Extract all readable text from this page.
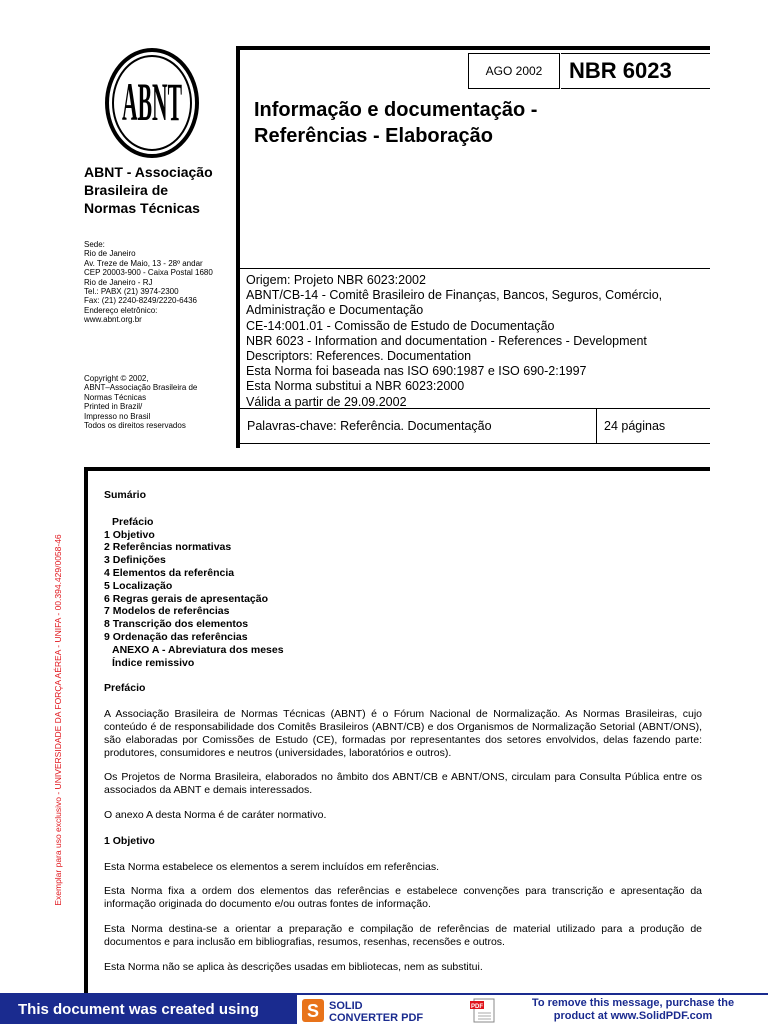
ABNT
ABNT - Associação
Brasileira de
Normas Técnicas
Sede:
Rio de Janeiro
Av. Treze de Maio, 13 - 28º andar
CEP 20003-900 - Caixa Postal 1680
Rio de Janeiro - RJ
Tel.: PABX (21) 3974-2300
Fax: (21) 2240-8249/2220-6436
Endereço eletrônico:
www.abnt.org.br
Copyright © 2002,
ABNT–Associação Brasileira de
Normas Técnicas
Printed in Brazil/
Impresso no Brasil
Todos os direitos reservados
AGO 2002 NBR 6023
Informação e documentação -
Referências - Elaboração
Origem: Projeto NBR 6023:2002
ABNT/CB-14 - Comitê Brasileiro de Finanças, Bancos, Seguros, Comércio,
Administração e Documentação
CE-14:001.01 - Comissão de Estudo de Documentação
NBR 6023 - Information and documentation - References - Development
Descriptors: References. Documentation
Esta Norma foi baseada nas ISO 690:1987 e ISO 690-2:1997
Esta Norma substitui a NBR 6023:2000
Válida a partir de 29.09.2002
Palavras-chave: Referência. Documentação	24 páginas
Exemplar para uso exclusivo - UNIVERSIDADE DA FORÇA AÉREA - UNIFA - 00.394.429/0058-46
Sumário
Prefácio
1 Objetivo
2 Referências normativas
3 Definições
4 Elementos da referência
5 Localização
6 Regras gerais de apresentação
7 Modelos de referências
8 Transcrição dos elementos
9 Ordenação das referências
ANEXO A - Abreviatura dos meses
Índice remissivo
Prefácio

A Associação Brasileira de Normas Técnicas (ABNT) é o Fórum Nacional de Normalização. As Normas Brasileiras, cujo conteúdo é de responsabilidade dos Comitês Brasileiros (ABNT/CB) e dos Organismos de Normalização Setorial (ABNT/ONS), são elaboradas por Comissões de Estudo (CE), formadas por representantes dos setores envolvidos, delas fazendo parte: produtores, consumidores e neutros (universidades, laboratórios e outros).

Os Projetos de Norma Brasileira, elaborados no âmbito dos ABNT/CB e ABNT/ONS, circulam para Consulta Pública entre os associados da ABNT e demais interessados.

O anexo A desta Norma é de caráter normativo.

1 Objetivo

Esta Norma estabelece os elementos a serem incluídos em referências.

Esta Norma fixa a ordem dos elementos das referências e estabelece convenções para transcrição e apresentação da informação originada do documento e/ou outras fontes de informação.

Esta Norma destina-se a orientar a preparação e compilação de referências de material utilizado para a produção de documentos e para inclusão em bibliografias, resumos, resenhas, recensões e outros.

Esta Norma não se aplica às descrições usadas em bibliotecas, nem as substitui.

This document was created using	S SOLID
CONVERTER PDF
PDF	To remove this message, purchase the
product at www.SolidPDF.com
